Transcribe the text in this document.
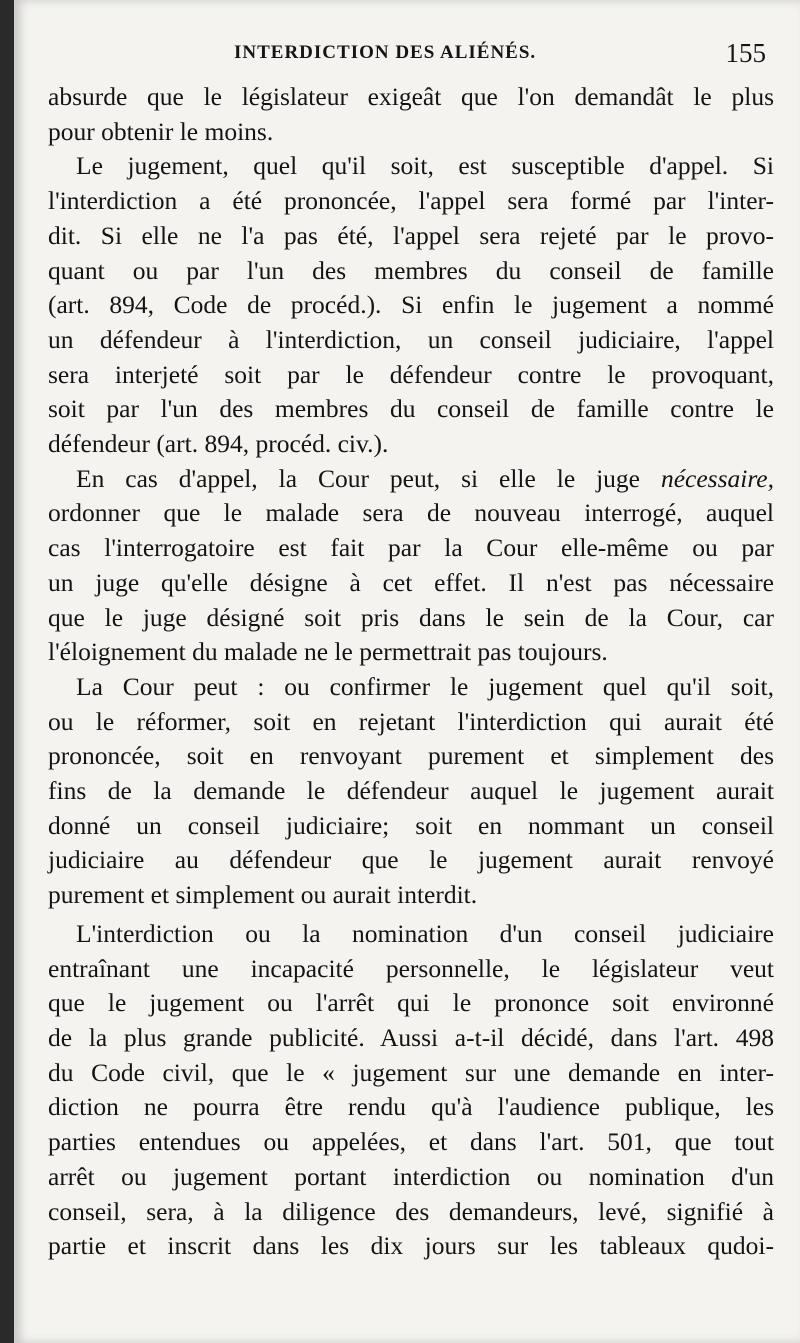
INTERDICTION DES ALIÉNÉS.	155

absurde que le législateur exigeât que l'on demandât le plus

pour obtenir le moins.

Le jugement, quel qu'il soit, est susceptible d'appel. Si

l'interdiction a été prononcée, l'appel sera formé par l'inter-

dit. Si elle ne l'a pas été, l'appel sera rejeté par le provo-

quant ou par l'un des membres du conseil de famille

(art. 894, Code de procéd.). Si enfin le jugement a nommé

un défendeur à l'interdiction, un conseil judiciaire, l'appel

sera interjeté soit par le défendeur contre le provoquant,

soit par l'un des membres du conseil de famille contre le

défendeur (art. 894, procéd. civ.).

En cas d'appel, la Cour peut, si elle le juge nécessaire,

ordonner que le malade sera de nouveau interrogé, auquel

cas l'interrogatoire est fait par la Cour elle-même ou par

un juge qu'elle désigne à cet effet. Il n'est pas nécessaire

que le juge désigné soit pris dans le sein de la Cour, car

l'éloignement du malade ne le permettrait pas toujours.

La Cour peut : ou confirmer le jugement quel qu'il soit,

ou le réformer, soit en rejetant l'interdiction qui aurait été

prononcée, soit en renvoyant purement et simplement des

fins de la demande le défendeur auquel le jugement aurait

donné un conseil judiciaire; soit en nommant un conseil

judiciaire au défendeur que le jugement aurait renvoyé

purement et simplement ou aurait interdit.

L'interdiction ou la nomination d'un conseil judiciaire

entraînant une incapacité personnelle, le législateur veut

que le jugement ou l'arrêt qui le prononce soit environné

de la plus grande publicité. Aussi a-t-il décidé, dans l'art. 498

du Code civil, que le « jugement sur une demande en inter-

diction ne pourra être rendu qu'à l'audience publique, les

parties entendues ou appelées, et dans l'art. 501, que tout

arrêt ou jugement portant interdiction ou nomination d'un

conseil, sera, à la diligence des demandeurs, levé, signifié à

partie et inscrit dans les dix jours sur les tableaux qudoi-
